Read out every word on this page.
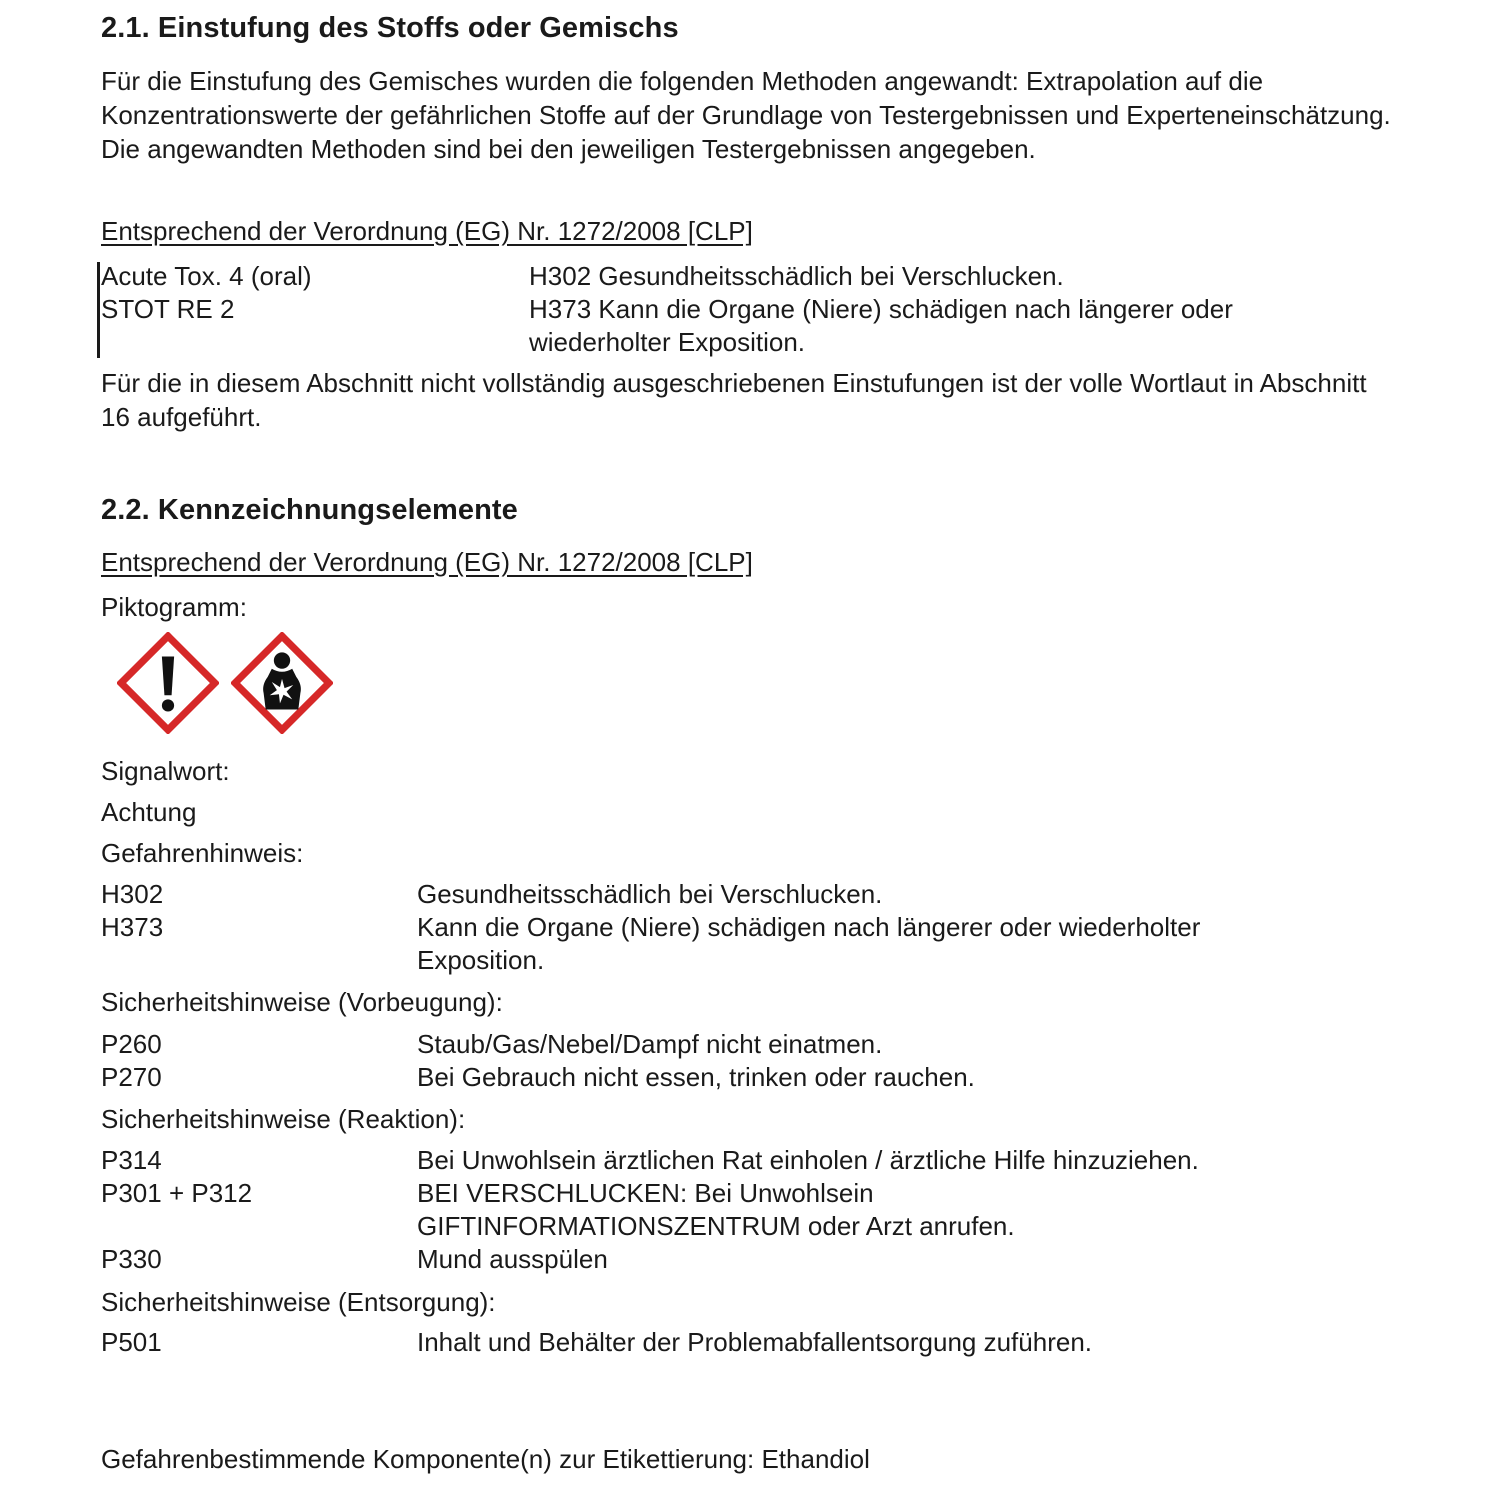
2.1. Einstufung des Stoffs oder Gemischs

Für die Einstufung des Gemisches wurden die folgenden Methoden angewandt: Extrapolation auf die Konzentrationswerte der gefährlichen Stoffe auf der Grundlage von Testergebnissen und Experteneinschätzung. Die angewandten Methoden sind bei den jeweiligen Testergebnissen angegeben.

Entsprechend der Verordnung (EG) Nr. 1272/2008 [CLP]

Acute Tox. 4 (oral)	H302 Gesundheitsschädlich bei Verschlucken.
STOT RE 2	H373 Kann die Organe (Niere) schädigen nach längerer oder wiederholter Exposition.

Für die in diesem Abschnitt nicht vollständig ausgeschriebenen Einstufungen ist der volle Wortlaut in Abschnitt 16 aufgeführt.

2.2. Kennzeichnungselemente

Entsprechend der Verordnung (EG) Nr. 1272/2008 [CLP]

Piktogramm:

Signalwort:

Achtung

Gefahrenhinweis:

H302	Gesundheitsschädlich bei Verschlucken.
H373	Kann die Organe (Niere) schädigen nach längerer oder wiederholter Exposition.

Sicherheitshinweise (Vorbeugung):

P260	Staub/Gas/Nebel/Dampf nicht einatmen.
P270	Bei Gebrauch nicht essen, trinken oder rauchen.

Sicherheitshinweise (Reaktion):

P314	Bei Unwohlsein ärztlichen Rat einholen / ärztliche Hilfe hinzuziehen.
P301 + P312	BEI VERSCHLUCKEN: Bei Unwohlsein GIFTINFORMATIONSZENTRUM oder Arzt anrufen.
P330	Mund ausspülen

Sicherheitshinweise (Entsorgung):

P501	Inhalt und Behälter der Problemabfallentsorgung zuführen.

Gefahrenbestimmende Komponente(n) zur Etikettierung: Ethandiol
